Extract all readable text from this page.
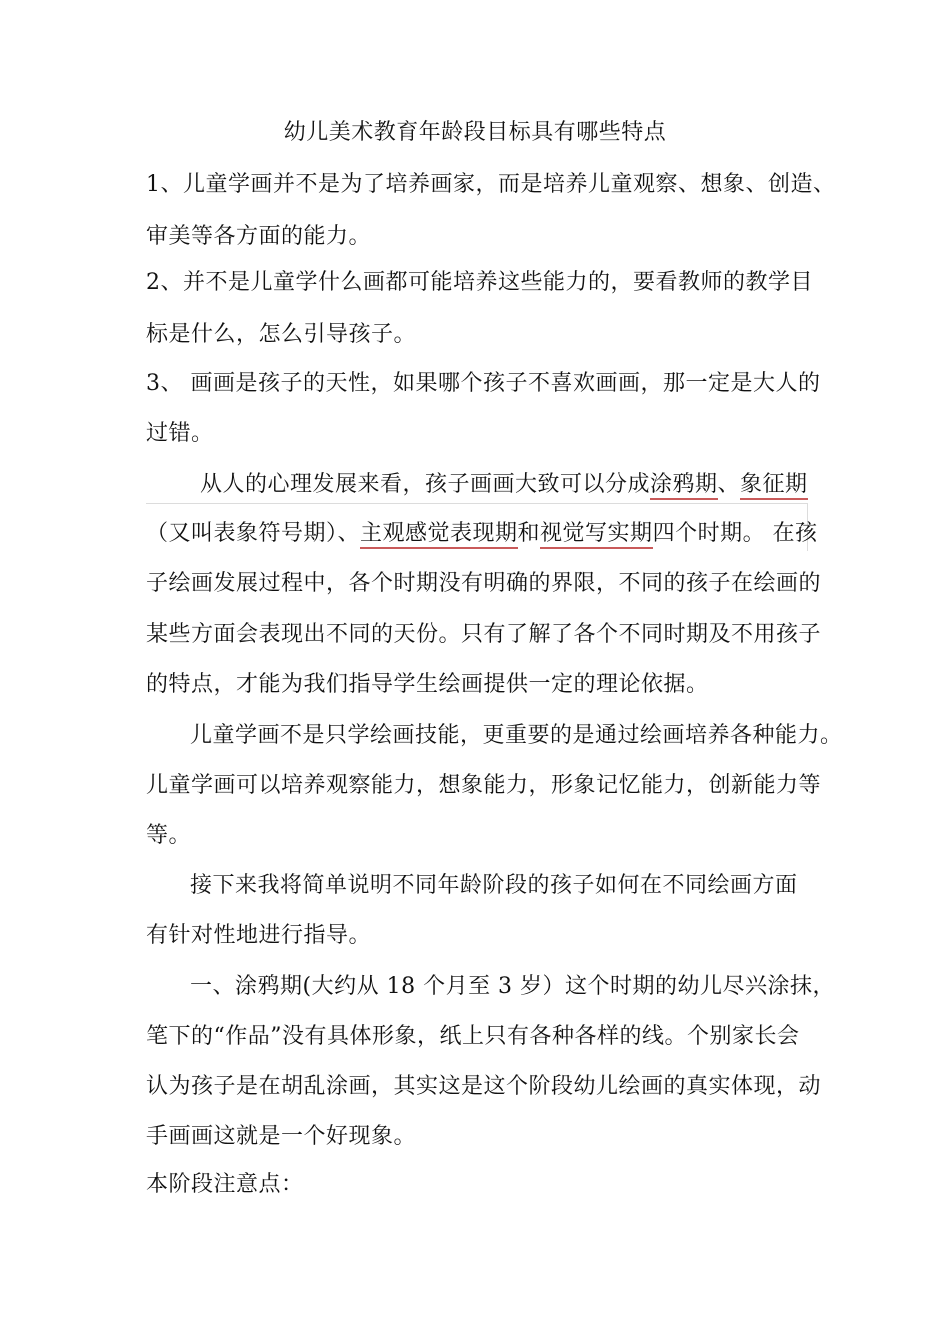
幼儿美术教育年龄段目标具有哪些特点
1、儿童学画并不是为了培养画家，而是培养儿童观察、想象、创造、
审美等各方面的能力。
2、并不是儿童学什么画都可能培养这些能力的，要看教师的教学目
标是什么，怎么引导孩子。
3、 画画是孩子的天性，如果哪个孩子不喜欢画画，那一定是大人的
过错。
从人的心理发展来看，孩子画画大致可以分成涂鸦期、象征期
（又叫表象符号期）、主观感觉表现期和视觉写实期四个时期。 在孩
子绘画发展过程中，各个时期没有明确的界限，不同的孩子在绘画的
某些方面会表现出不同的天份。只有了解了各个不同时期及不用孩子
的特点，才能为我们指导学生绘画提供一定的理论依据。
儿童学画不是只学绘画技能，更重要的是通过绘画培养各种能力。
儿童学画可以培养观察能力，想象能力，形象记忆能力，创新能力等
等。
接下来我将简单说明不同年龄阶段的孩子如何在不同绘画方面
有针对性地进行指导。
一、涂鸦期(大约从 18 个月至 3 岁）这个时期的幼儿尽兴涂抹，
笔下的“作品”没有具体形象，纸上只有各种各样的线。个别家长会
认为孩子是在胡乱涂画，其实这是这个阶段幼儿绘画的真实体现，动
手画画这就是一个好现象。
本阶段注意点：
